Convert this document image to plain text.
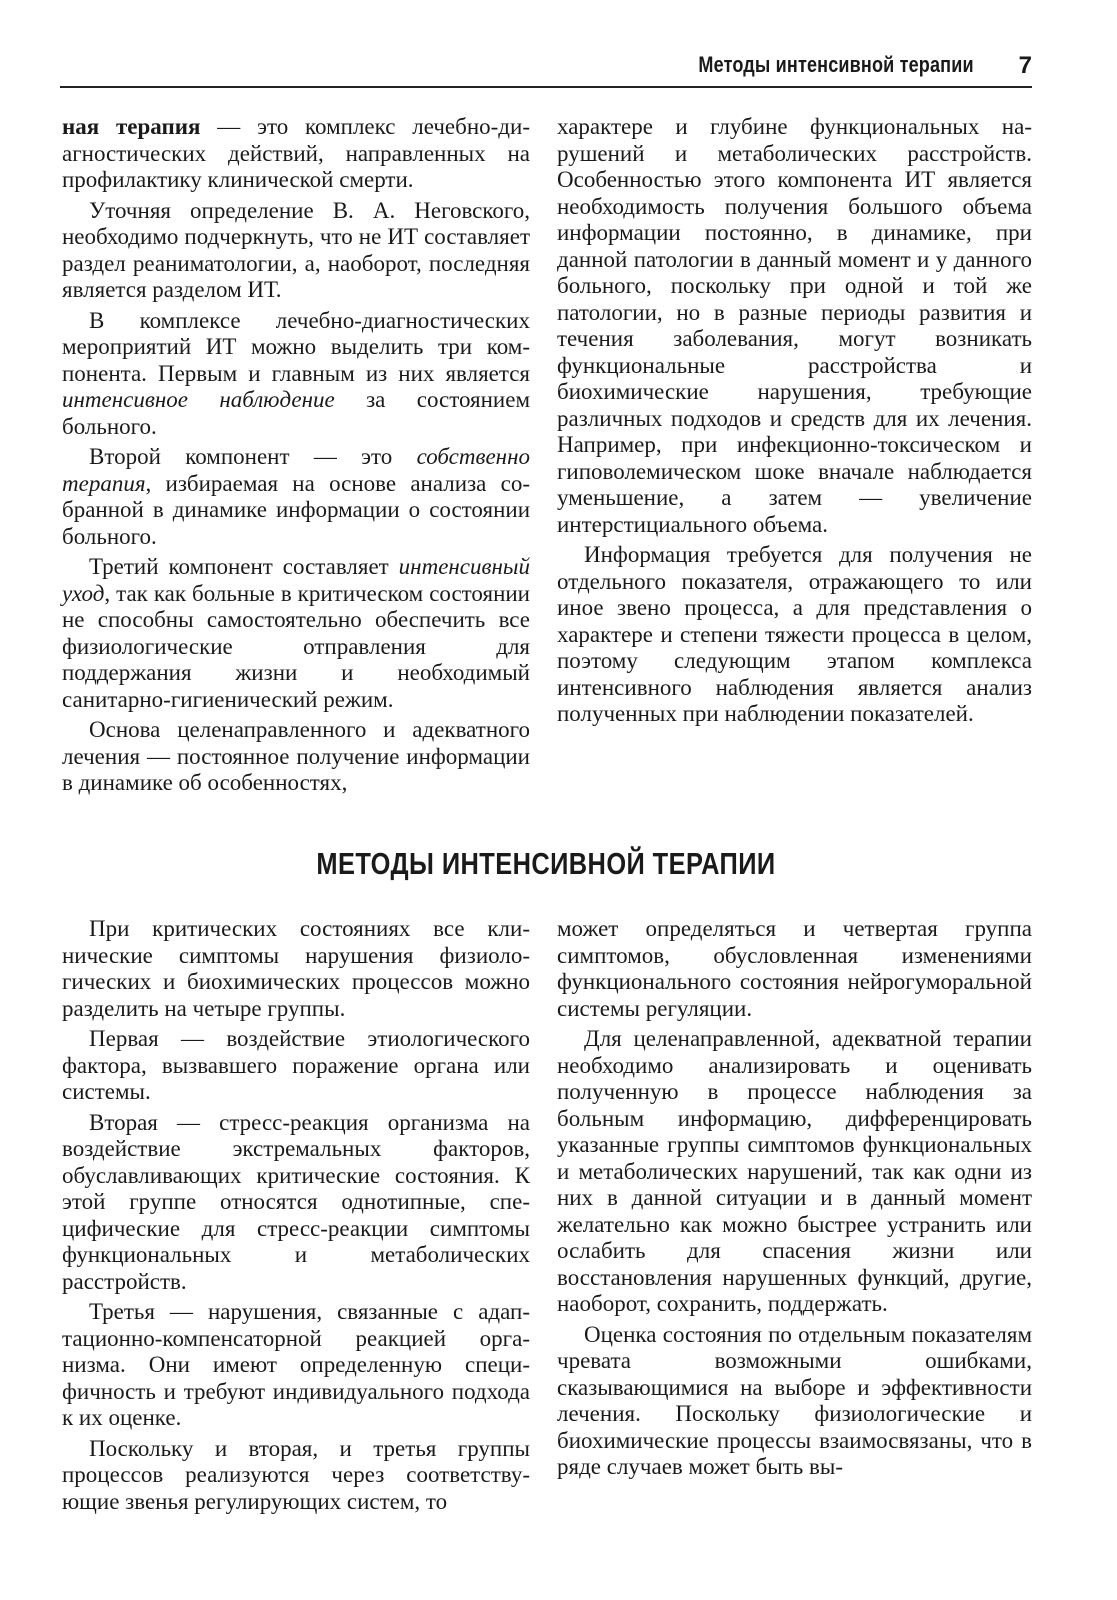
Методы интенсивной терапии 7

ная терапия — это комплекс лечебно-диагностических действий, направленных на профилактику клинической смерти.

Уточняя определение В. А. Неговского, необходимо подчеркнуть, что не ИТ составляет раздел реаниматологии, а, наоборот, последняя является разделом ИТ.

В комплексе лечебно-диагностических мероприятий ИТ можно выделить три компонента. Первым и главным из них является интенсивное наблюдение за состоянием больного.

Второй компонент — это собственно терапия, избираемая на основе анализа собранной в динамике информации о состоянии больного.

Третий компонент составляет интенсивный уход, так как больные в критическом состоянии не способны самостоятельно обеспечить все физиологические отправления для поддержания жизни и необходимый санитарно-гигиенический режим.

Основа целенаправленного и адекватного лечения — постоянное получение информации в динамике об особенностях,

характере и глубине функциональных нарушений и метаболических расстройств. Особенностью этого компонента ИТ является необходимость получения большого объема информации постоянно, в динамике, при данной патологии в данный момент и у данного больного, поскольку при одной и той же патологии, но в разные периоды развития и течения заболевания, могут возникать функциональные расстройства и биохимические нарушения, требующие различных подходов и средств для их лечения. Например, при инфекционно-токсическом и гиповолемическом шоке вначале наблюдается уменьшение, а затем — увеличение интерстициального объема.

Информация требуется для получения не отдельного показателя, отражающего то или иное звено процесса, а для представления о характере и степени тяжести процесса в целом, поэтому следующим этапом комплекса интенсивного наблюдения является анализ полученных при наблюдении показателей.

МЕТОДЫ ИНТЕНСИВНОЙ ТЕРАПИИ

При критических состояниях все клинические симптомы нарушения физиологических и биохимических процессов можно разделить на четыре группы.

Первая — воздействие этиологического фактора, вызвавшего поражение органа или системы.

Вторая — стресс-реакция организма на воздействие экстремальных факторов, обуславливающих критические состояния. К этой группе относятся однотипные, специфические для стресс-реакции симптомы функциональных и метаболических расстройств.

Третья — нарушения, связанные с адаптационно-компенсаторной реакцией организма. Они имеют определенную специфичность и требуют индивидуального подхода к их оценке.

Поскольку и вторая, и третья группы процессов реализуются через соответствующие звенья регулирующих систем, то

может определяться и четвертая группа симптомов, обусловленная изменениями функционального состояния нейрогуморальной системы регуляции.

Для целенаправленной, адекватной терапии необходимо анализировать и оценивать полученную в процессе наблюдения за больным информацию, дифференцировать указанные группы симптомов функциональных и метаболических нарушений, так как одни из них в данной ситуации и в данный момент желательно как можно быстрее устранить или ослабить для спасения жизни или восстановления нарушенных функций, другие, наоборот, сохранить, поддержать.

Оценка состояния по отдельным показателям чревата возможными ошибками, сказывающимися на выборе и эффективности лечения. Поскольку физиологические и биохимические процессы взаимосвязаны, что в ряде случаев может быть вы-
